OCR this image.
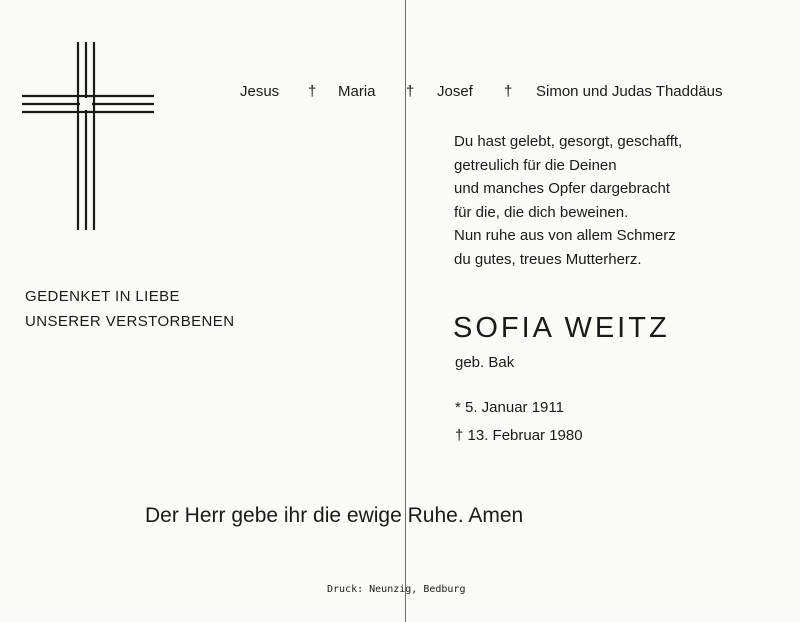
Jesus † Maria † Josef † Simon und Judas Thaddäus
Du hast gelebt, gesorgt, geschafft,
getreulich für die Deinen
und manches Opfer dargebracht
für die, die dich beweinen.
Nun ruhe aus von allem Schmerz
du gutes, treues Mutterherz.
GEDENKET IN LIEBE
UNSERER VERSTORBENEN	SOFIA WEITZ
geb. Bak
* 5. Januar 1911
† 13. Februar 1980
Der Herr gebe ihr die ewige Ruhe. Amen
Druck: Neunzig, Bedburg
